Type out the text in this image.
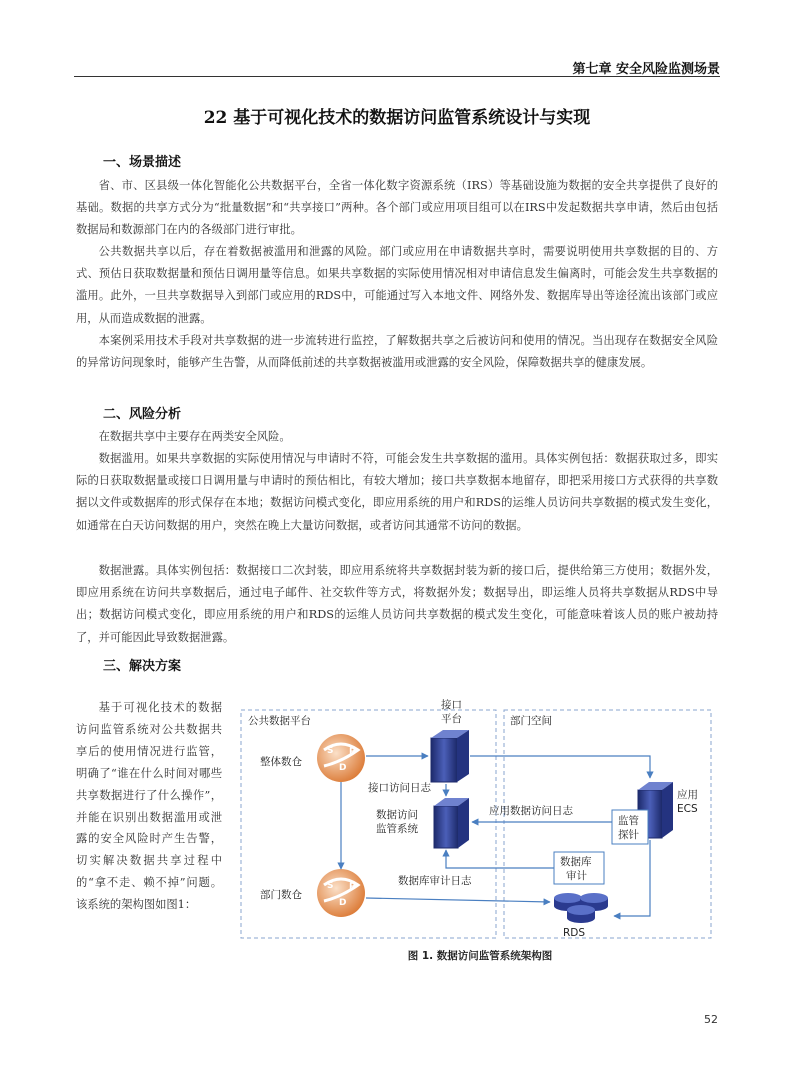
第七章 安全风险监测场景
22 基于可视化技术的数据访问监管系统设计与实现
一、场景描述

省、市、区县级一体化智能化公共数据平台，全省一体化数字资源系统（IRS）等基础设施为数据的安全共享提供了良好的基础。数据的共享方式分为“批量数据”和“共享接口”两种。各个部门或应用项目组可以在IRS中发起数据共享申请，然后由包括数据局和数源部门在内的各级部门进行审批。

公共数据共享以后，存在着数据被滥用和泄露的风险。部门或应用在申请数据共享时，需要说明使用共享数据的目的、方式、预估日获取数据量和预估日调用量等信息。如果共享数据的实际使用情况相对申请信息发生偏离时，可能会发生共享数据的滥用。此外，一旦共享数据导入到部门或应用的RDS中，可能通过写入本地文件、网络外发、数据库导出等途径流出该部门或应用，从而造成数据的泄露。

本案例采用技术手段对共享数据的进一步流转进行监控，了解数据共享之后被访问和使用的情况。当出现存在数据安全风险的异常访问现象时，能够产生告警，从而降低前述的共享数据被滥用或泄露的安全风险，保障数据共享的健康发展。

二、风险分析

在数据共享中主要存在两类安全风险。

数据滥用。如果共享数据的实际使用情况与申请时不符，可能会发生共享数据的滥用。具体实例包括：数据获取过多，即实际的日获取数据量或接口日调用量与申请时的预估相比，有较大增加；接口共享数据本地留存，即把采用接口方式获得的共享数据以文件或数据库的形式保存在本地；数据访问模式变化，即应用系统的用户和RDS的运维人员访问共享数据的模式发生变化，如通常在白天访问数据的用户，突然在晚上大量访问数据，或者访问其通常不访问的数据。

数据泄露。具体实例包括：数据接口二次封装，即应用系统将共享数据封装为新的接口后，提供给第三方使用；数据外发，即应用系统在访问共享数据后，通过电子邮件、社交软件等方式，将数据外发；数据导出，即运维人员将共享数据从RDS中导出；数据访问模式变化，即应用系统的用户和RDS的运维人员访问共享数据的模式发生变化，可能意味着该人员的账户被劫持了，并可能因此导致数据泄露。

三、解决方案

基于可视化技术的数据访问监管系统对公共数据共享后的使用情况进行监管，明确了“谁在什么时间对哪些共享数据进行了什么操作”，并能在识别出数据滥用或泄露的安全风险时产生告警，切实解决数据共享过程中的“拿不走、赖不掉”问题。该系统的架构图如图1：

公共数据平台
接口
平台	部门空间
S
D
P
整体数仓
S
D
P
部门数仓
数据访问
监管系统
应用
ECS
监管
探针
数据库
审计
RDS
接口访问日志
应用数据访问日志
数据库审计日志
图 1. 数据访问监管系统架构图
52
